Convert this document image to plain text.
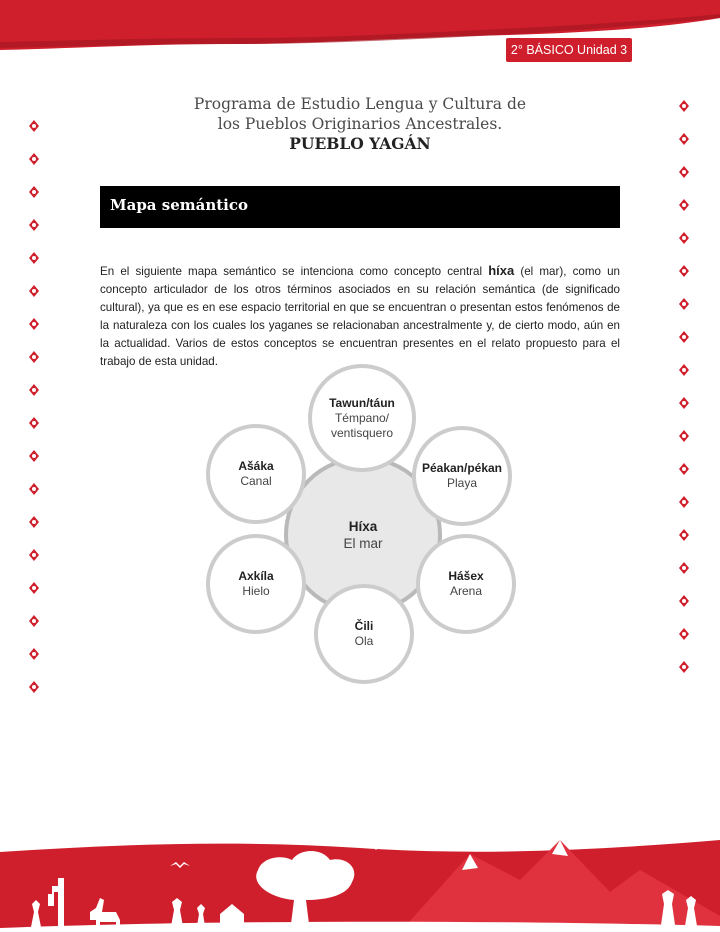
2° BÁSICO Unidad 3
Programa de Estudio Lengua y Cultura de
los Pueblos Originarios Ancestrales.
PUEBLO YAGÁN
Mapa semántico

En el siguiente mapa semántico se intenciona como concepto central híxa (el mar), como un concepto articulador de los otros términos asociados en su relación semántica (de significado cultural), ya que es en ese espacio territorial en que se encuentran o presentan estos fenómenos de la naturaleza con los cuales los yaganes se relacionaban ancestralmente y, de cierto modo, aún en la actualidad. Varios de estos conceptos se encuentran presentes en el relato propuesto para el trabajo de esta unidad.

Híxa
El mar
Tawun/táun
Témpano/
ventisquero
Ašáka
Canal
Péakan/pékan
Playa
Axkíla
Hielo
Hášex
Arena
Čili
Ola
